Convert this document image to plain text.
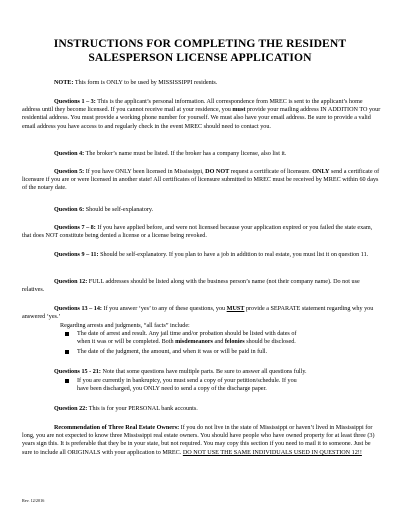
INSTRUCTIONS FOR COMPLETING THE RESIDENT
SALESPERSON LICENSE APPLICATION
NOTE: This form is ONLY to be used by MISSISSIPPI residents.
Questions 1 – 3: This is the applicant’s personal information. All correspondence from MREC is sent to the applicant’s home address until they become licensed. If you cannot receive mail at your residence, you must provide your mailing address IN ADDITION TO your residential address. You must provide a working phone number for yourself. We must also have your email address. Be sure to provide a valid email address you have access to and regularly check in the event MREC should need to contact you.
Question 4: The broker’s name must be listed. If the broker has a company license, also list it.
Question 5: If you have ONLY been licensed in Mississippi, DO NOT request a certificate of licensure. ONLY send a certificate of licensure if you are or were licensed in another state! All certificates of licensure submitted to MREC must be received by MREC within 60 days of the notary date.
Question 6: Should be self-explanatory.
Questions 7 – 8: If you have applied before, and were not licensed because your application expired or you failed the state exam, that does NOT constitute being denied a license or a license being revoked.
Questions 9 – 11: Should be self-explanatory. If you plan to have a job in addition to real estate, you must list it on question 11.
Question 12: FULL addresses should be listed along with the business person’s name (not their company name). Do not use relatives.
Questions 13 – 14: If you answer ‘yes’ to any of these questions, you MUST provide a SEPARATE statement regarding why you answered ‘yes.’
Regarding arrests and judgments, “all facts” include:
The date of arrest and result. Any jail time and/or probation should be listed with dates of
when it was or will be completed. Both misdemeanors and felonies should be disclosed.
The date of the judgment, the amount, and when it was or will be paid in full.
Questions 15 - 21: Note that some questions have multiple parts. Be sure to answer all questions fully.
If you are currently in bankruptcy, you must send a copy of your petition/schedule. If you
have been discharged, you ONLY need to send a copy of the discharge paper.
Question 22: This is for your PERSONAL bank accounts.
Recommendation of Three Real Estate Owners: If you do not live in the state of Mississippi or haven’t lived in Mississippi for long, you are not expected to know three Mississippi real estate owners. You should have people who have owned property for at least three (3) years sign this. It is preferable that they be in your state, but not required. You may copy this section if you need to mail it to someone. Just be sure to include all ORIGINALS with your application to MREC. DO NOT USE THE SAME INDIVIDUALS USED IN QUESTION 12!!
Rev. 12/2016
